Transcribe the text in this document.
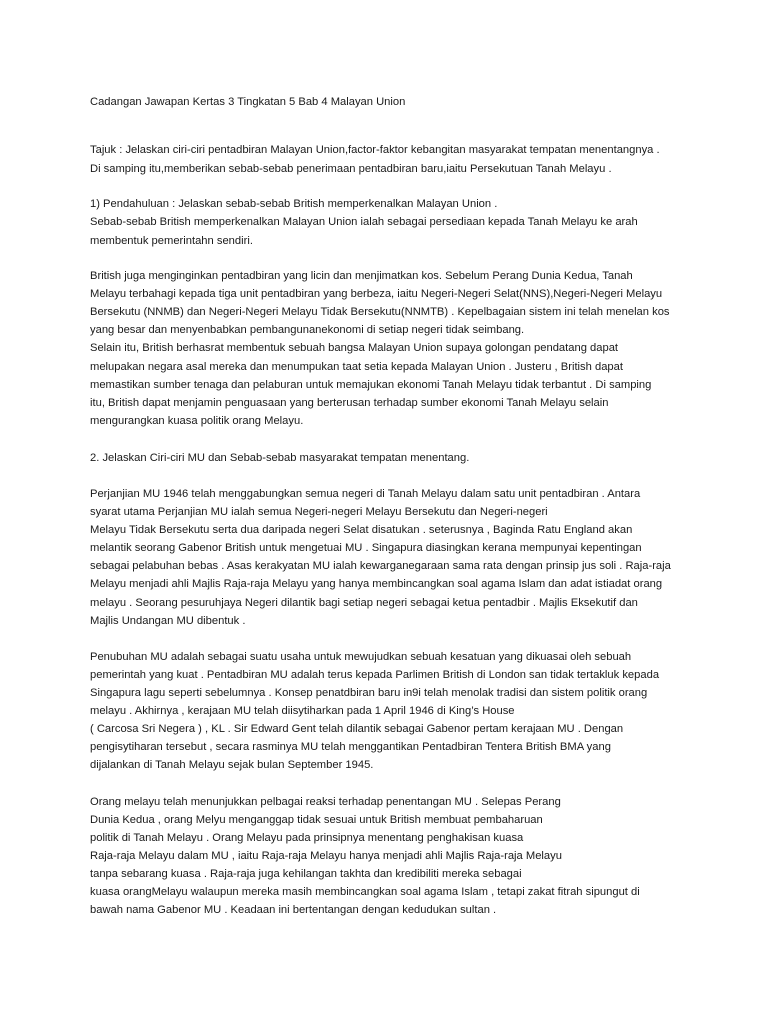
Cadangan Jawapan Kertas 3 Tingkatan 5 Bab 4 Malayan Union

Tajuk : Jelaskan ciri-ciri pentadbiran Malayan Union,factor-faktor kebangitan masyarakat tempatan menentangnya .

Di samping itu,memberikan sebab-sebab penerimaan pentadbiran baru,iaitu Persekutuan Tanah Melayu .

1) Pendahuluan : Jelaskan sebab-sebab British memperkenalkan Malayan Union .

Sebab-sebab British memperkenalkan Malayan Union ialah sebagai persediaan kepada Tanah Melayu ke arah

membentuk pemerintahn sendiri.

British juga menginginkan pentadbiran yang licin dan menjimatkan kos. Sebelum Perang Dunia Kedua, Tanah

Melayu terbahagi kepada tiga unit pentadbiran yang berbeza, iaitu Negeri-Negeri Selat(NNS),Negeri-Negeri Melayu

Bersekutu (NNMB) dan Negeri-Negeri Melayu Tidak Bersekutu(NNMTB) . Kepelbagaian sistem ini telah menelan kos

yang besar dan menyenbabkan pembangunanekonomi di setiap negeri tidak seimbang.

Selain itu, British berhasrat membentuk sebuah bangsa Malayan Union supaya golongan pendatang dapat

melupakan negara asal mereka dan menumpukan taat setia kepada Malayan Union . Justeru , British dapat

memastikan sumber tenaga dan pelaburan untuk memajukan ekonomi Tanah Melayu tidak terbantut . Di samping

itu, British dapat menjamin penguasaan yang berterusan terhadap sumber ekonomi Tanah Melayu selain

mengurangkan kuasa politik orang Melayu.

2. Jelaskan Ciri-ciri MU dan Sebab-sebab masyarakat tempatan menentang.

Perjanjian MU 1946 telah menggabungkan semua negeri di Tanah Melayu dalam satu unit pentadbiran . Antara

syarat utama Perjanjian MU ialah semua Negeri-negeri Melayu Bersekutu dan Negeri-negeri

Melayu Tidak Bersekutu serta dua daripada negeri Selat disatukan . seterusnya , Baginda Ratu England akan

melantik seorang Gabenor British untuk mengetuai MU . Singapura diasingkan kerana mempunyai kepentingan

sebagai pelabuhan bebas . Asas kerakyatan MU ialah kewarganegaraan sama rata dengan prinsip jus soli . Raja-raja

Melayu menjadi ahli Majlis Raja-raja Melayu yang hanya membincangkan soal agama Islam dan adat istiadat orang

melayu . Seorang pesuruhjaya Negeri dilantik bagi setiap negeri sebagai ketua pentadbir . Majlis Eksekutif dan

Majlis Undangan MU dibentuk .

Penubuhan MU adalah sebagai suatu usaha untuk mewujudkan sebuah kesatuan yang dikuasai oleh sebuah

pemerintah yang kuat . Pentadbiran MU adalah terus kepada Parlimen British di London san tidak tertakluk kepada

Singapura lagu seperti sebelumnya . Konsep penatdbiran baru in9i telah menolak tradisi dan sistem politik orang

melayu . Akhirnya , kerajaan MU telah diisytiharkan pada 1 April 1946 di King’s House

( Carcosa Sri Negera ) , KL . Sir Edward Gent telah dilantik sebagai Gabenor pertam kerajaan MU . Dengan

pengisytiharan tersebut , secara rasminya MU telah menggantikan Pentadbiran Tentera British BMA yang

dijalankan di Tanah Melayu sejak bulan September 1945.

Orang melayu telah menunjukkan pelbagai reaksi terhadap penentangan MU . Selepas Perang

Dunia Kedua , orang Melyu menganggap tidak sesuai untuk British membuat pembaharuan

politik di Tanah Melayu . Orang Melayu pada prinsipnya menentang penghakisan kuasa

Raja-raja Melayu dalam MU , iaitu Raja-raja Melayu hanya menjadi ahli Majlis Raja-raja Melayu

tanpa sebarang kuasa . Raja-raja juga kehilangan takhta dan kredibiliti mereka sebagai

kuasa orangMelayu walaupun mereka masih membincangkan soal agama Islam , tetapi zakat fitrah sipungut di

bawah nama Gabenor MU . Keadaan ini bertentangan dengan kedudukan sultan .
